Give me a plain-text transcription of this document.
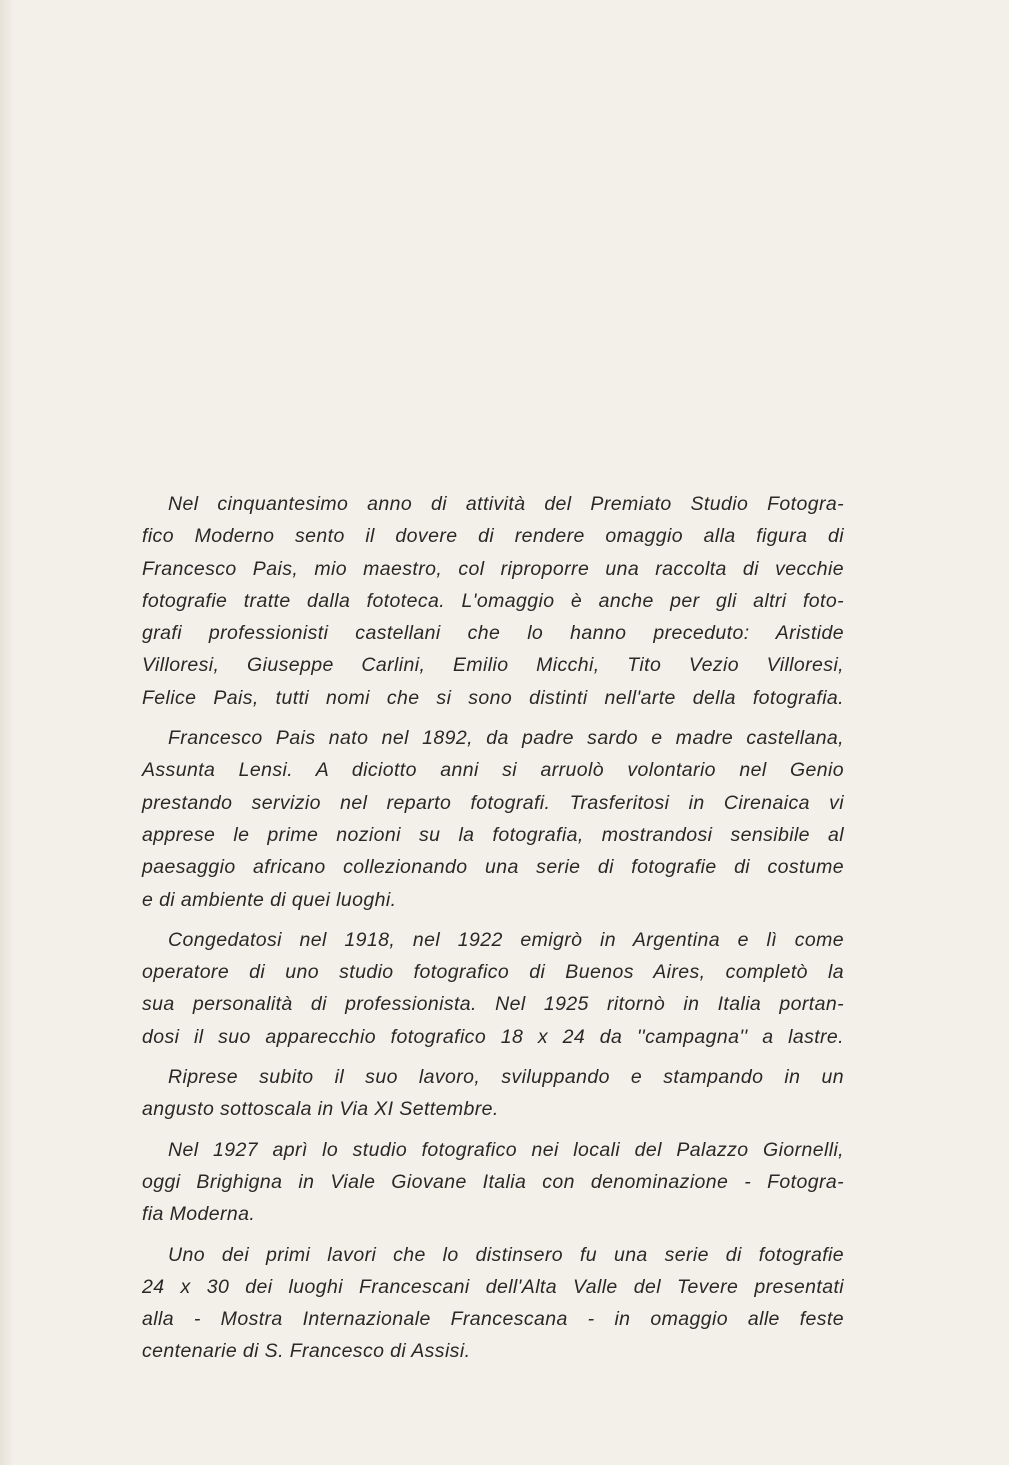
Nel cinquantesimo anno di attività del Premiato Studio Fotogra-
fico Moderno sento il dovere di rendere omaggio alla figura di
Francesco Pais, mio maestro, col riproporre una raccolta di vecchie
fotografie tratte dalla fototeca. L'omaggio è anche per gli altri foto-
grafi professionisti castellani che lo hanno preceduto: Aristide
Villoresi, Giuseppe Carlini, Emilio Micchi, Tito Vezio Villoresi,
Felice Pais, tutti nomi che si sono distinti nell'arte della fotografia.
Francesco Pais nato nel 1892, da padre sardo e madre castellana,
Assunta Lensi. A diciotto anni si arruolò volontario nel Genio
prestando servizio nel reparto fotografi. Trasferitosi in Cirenaica vi
apprese le prime nozioni su la fotografia, mostrandosi sensibile al
paesaggio africano collezionando una serie di fotografie di costume
e di ambiente di quei luoghi.
Congedatosi nel 1918, nel 1922 emigrò in Argentina e lì come
operatore di uno studio fotografico di Buenos Aires, completò la
sua personalità di professionista. Nel 1925 ritornò in Italia portan-
dosi il suo apparecchio fotografico 18 x 24 da ''campagna'' a lastre.
Riprese subito il suo lavoro, sviluppando e stampando in un
angusto sottoscala in Via XI Settembre.
Nel 1927 aprì lo studio fotografico nei locali del Palazzo Giornelli,
oggi Brighigna in Viale Giovane Italia con denominazione - Fotogra-
fia Moderna.
Uno dei primi lavori che lo distinsero fu una serie di fotografie
24 x 30 dei luoghi Francescani dell'Alta Valle del Tevere presentati
alla - Mostra Internazionale Francescana - in omaggio alle feste
centenarie di S. Francesco di Assisi.
